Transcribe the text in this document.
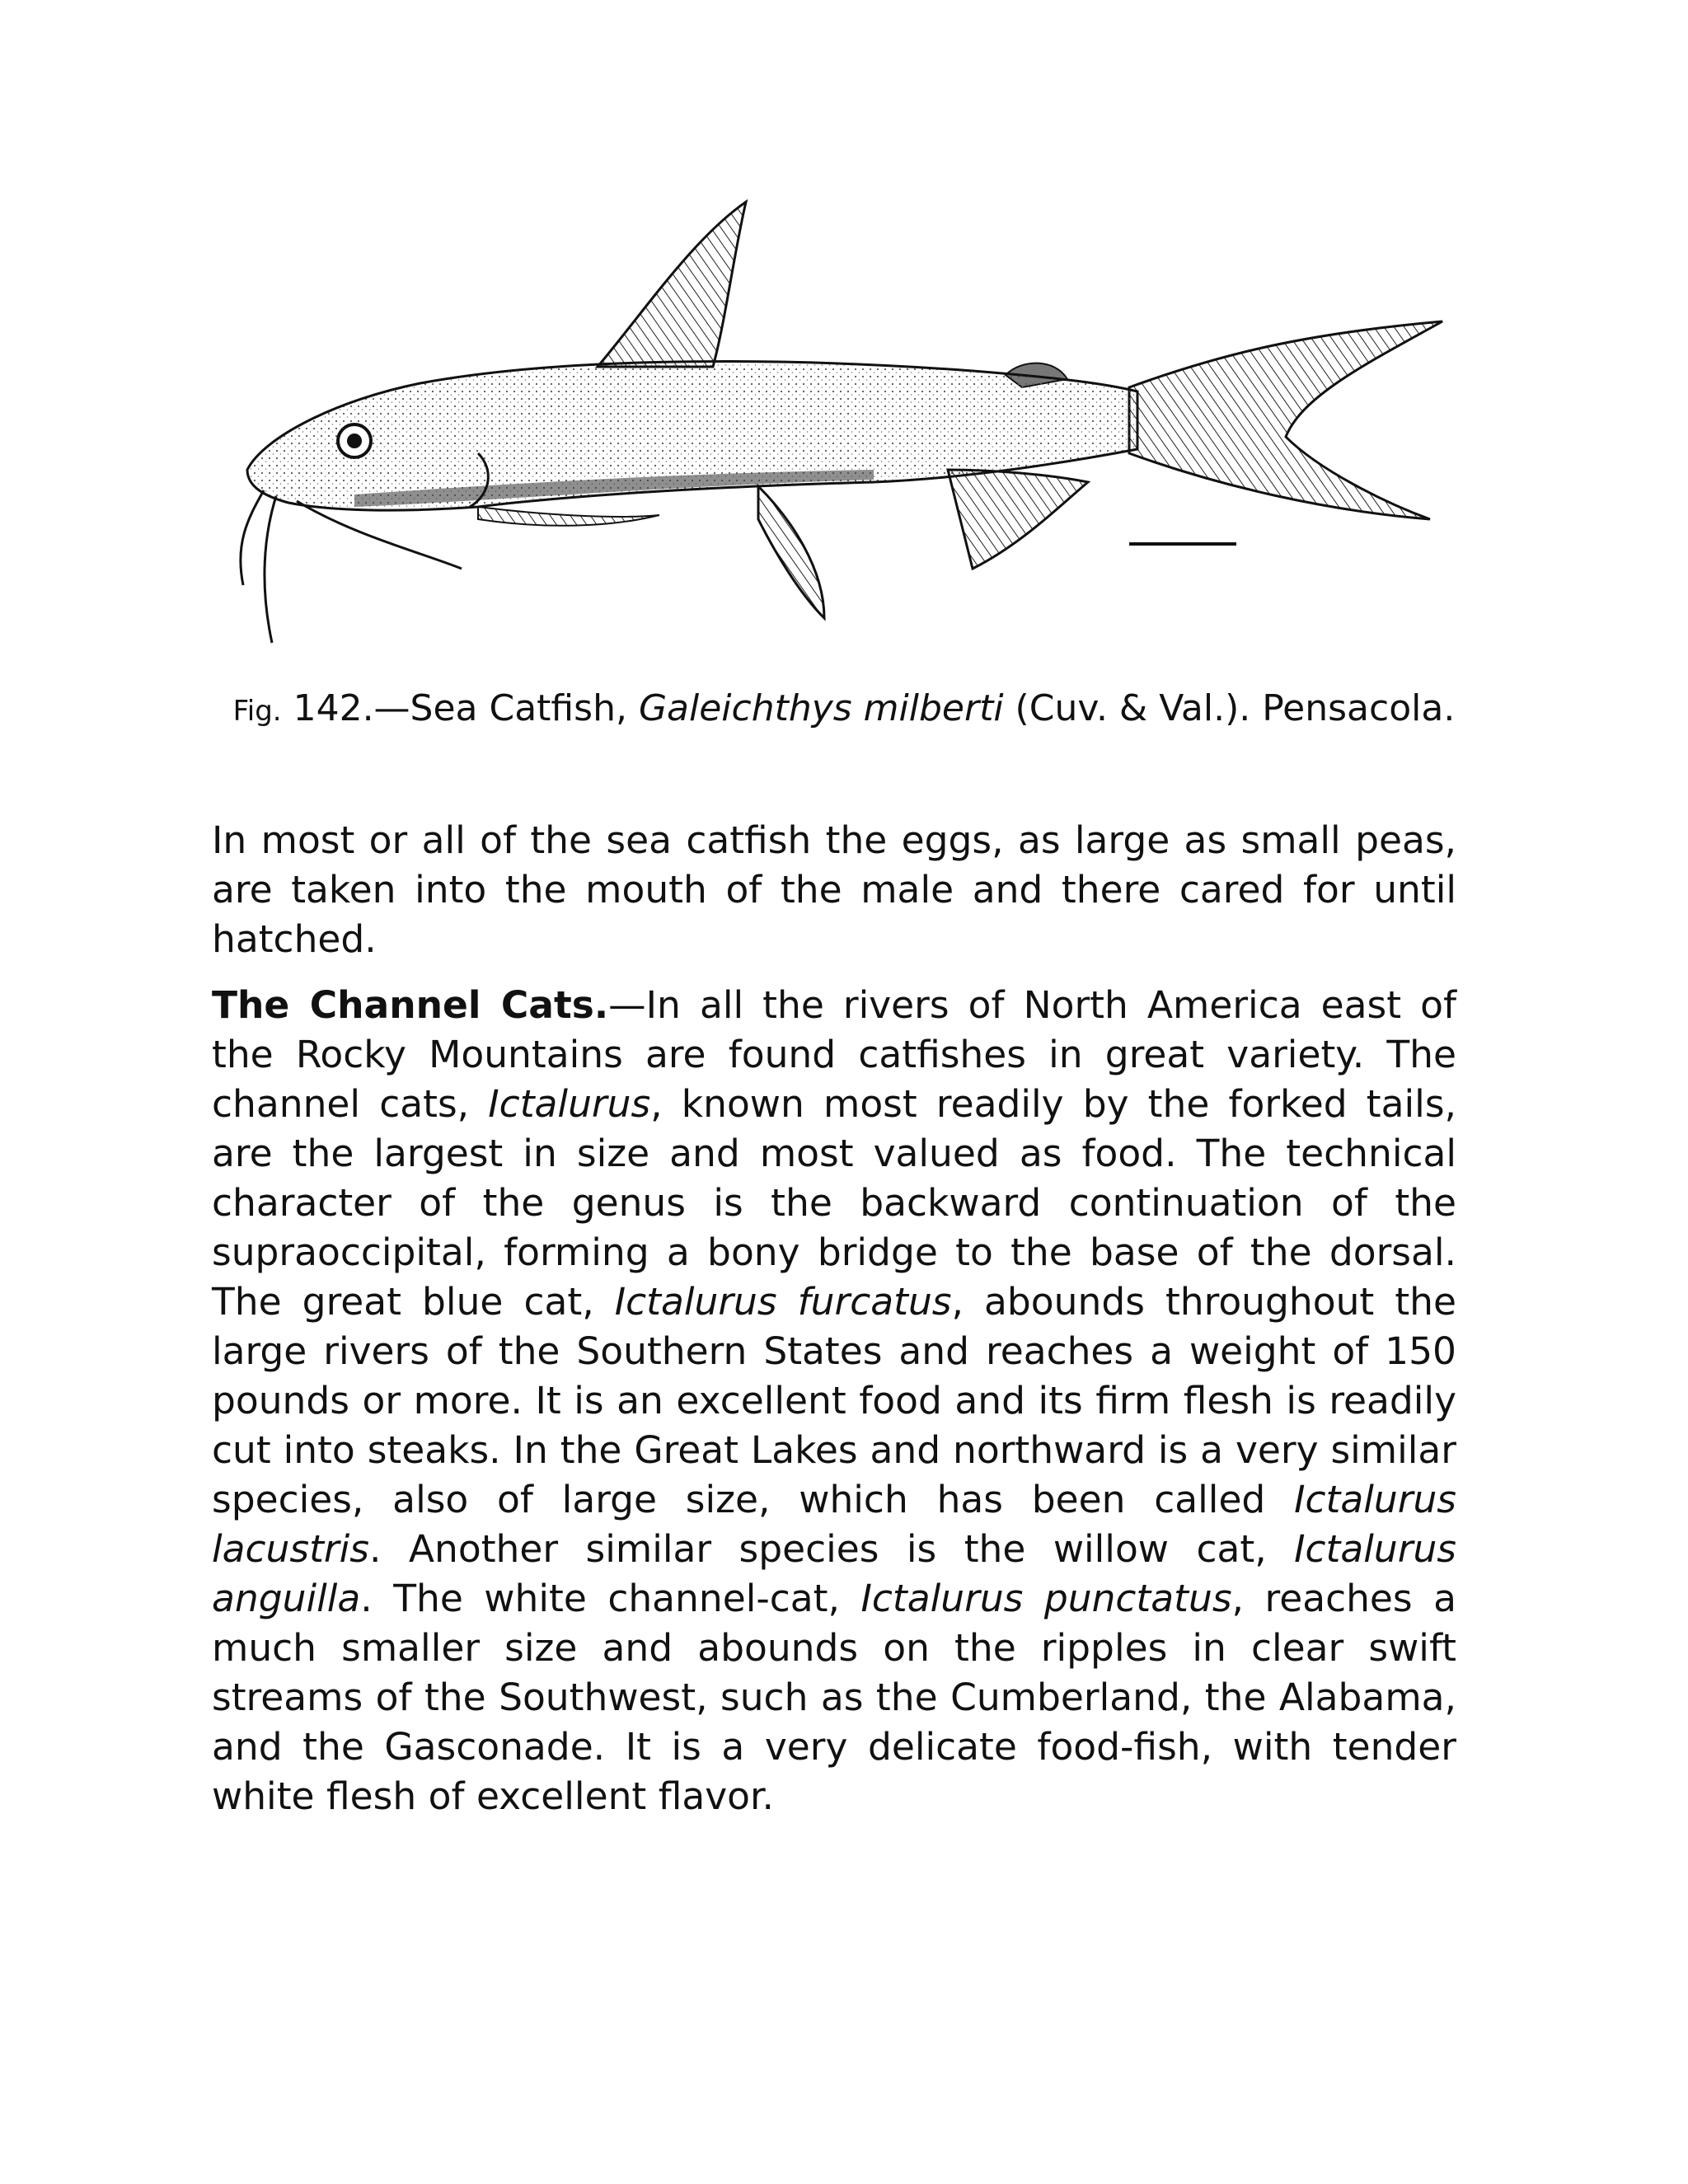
Fig. 142.—Sea Catfish, Galeichthys milberti (Cuv. & Val.). Pensacola.

In most or all of the sea catfish the eggs, as large as small peas, are taken into the mouth of the male and there cared for until hatched.

The Channel Cats.—In all the rivers of North America east of the Rocky Mountains are found catfishes in great variety. The channel cats, Ictalurus, known most readily by the forked tails, are the largest in size and most valued as food. The technical character of the genus is the backward continuation of the supraoccipital, forming a bony bridge to the base of the dorsal. The great blue cat, Ictalurus furcatus, abounds throughout the large rivers of the Southern States and reaches a weight of 150 pounds or more. It is an excellent food and its firm flesh is readily cut into steaks. In the Great Lakes and northward is a very similar species, also of large size, which has been called Ictalurus lacustris. Another similar species is the willow cat, Ictalurus anguilla. The white channel-cat, Ictalurus punctatus, reaches a much smaller size and abounds on the ripples in clear swift streams of the Southwest, such as the Cumberland, the Alabama, and the Gasconade. It is a very delicate food-fish, with tender white flesh of excellent flavor.
